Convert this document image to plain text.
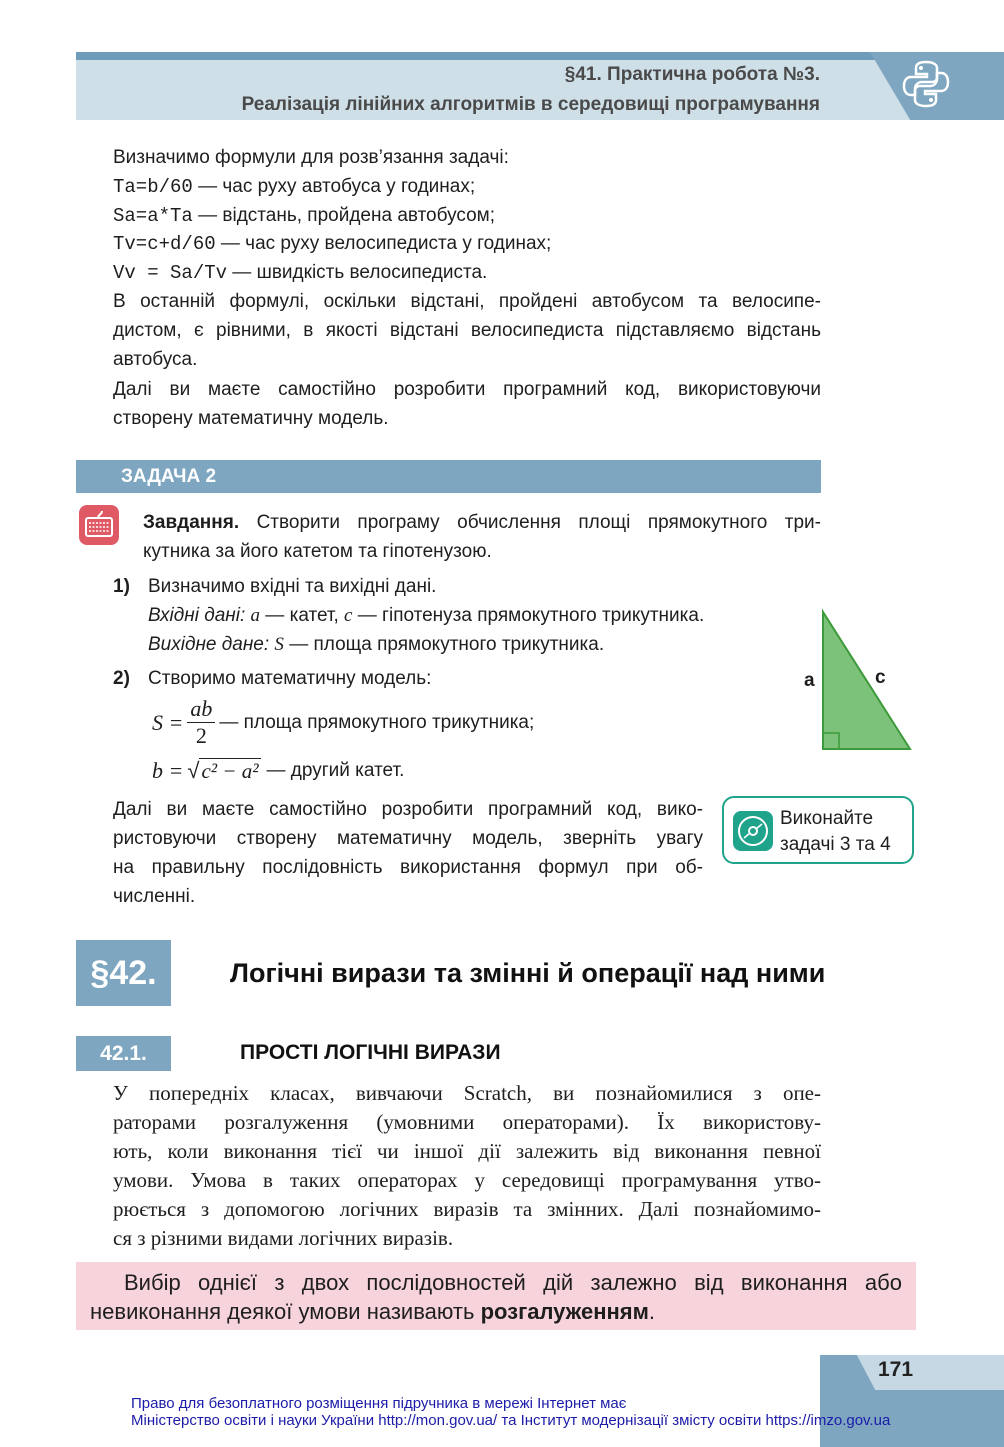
§41. Практична робота №3.
Реалізація лінійних алгоритмів в середовищі програмування
Визначимо формули для розв’язання задачі:
Ta=b/60 — час руху автобуса у годинах;
Sa=a*Ta — відстань, пройдена автобусом;
Tv=c+d/60 — час руху велосипедиста у годинах;
Vv = Sa/Tv — швидкість велосипедиста.
В останній формулі, оскільки відстані, пройдені автобусом та велосипе-
дистом, є рівними, в якості відстані велосипедиста підставляємо відстань
автобуса.
Далі ви маєте самостійно розробити програмний код, використовуючи
створену математичну модель.
ЗАДАЧА 2
Завдання. Створити програму обчислення площі прямокутного три-
кутника за його катетом та гіпотенузою.
1) Визначимо вхідні та вихідні дані.
Вхідні дані: a — катет, c — гіпотенуза прямокутного трикутника.
Вихідне дане: S — площа прямокутного трикутника.
2) Створимо математичну модель:
$S = \frac{ab}{2}$ — площа прямокутного трикутника;
b = √ c² − a² — другий катет.
Далі ви маєте самостійно розробити програмний код, вико-
ристовуючи створену математичну модель, зверніть увагу
на правильну послідовність використання формул при об-
численні.
a	c
Виконайте
задачі 3 та 4
§42.	Логічні вирази та змінні й операції над ними
42.1.	ПРОСТІ ЛОГІЧНІ ВИРАЗИ
У попередніх класах, вивчаючи Scratch, ви познайомилися з опе-
раторами розгалуження (умовними операторами). Їх використову-
ють, коли виконання тієї чи іншої дії залежить від виконання певної
умови. Умова в таких операторах у середовищі програмування утво-
рюється з допомогою логічних виразів та змінних. Далі познайомимо-
ся з різними видами логічних виразів.
Вибір однієї з двох послідовностей дій залежно від виконання або
невиконання деякої умови називають розгалуженням.
171
Право для безоплатного розміщення підручника в мережі Інтернет має
Міністерство освіти і науки України http://mon.gov.ua/ та Інститут модернізації змісту освіти https://imzo.gov.ua
